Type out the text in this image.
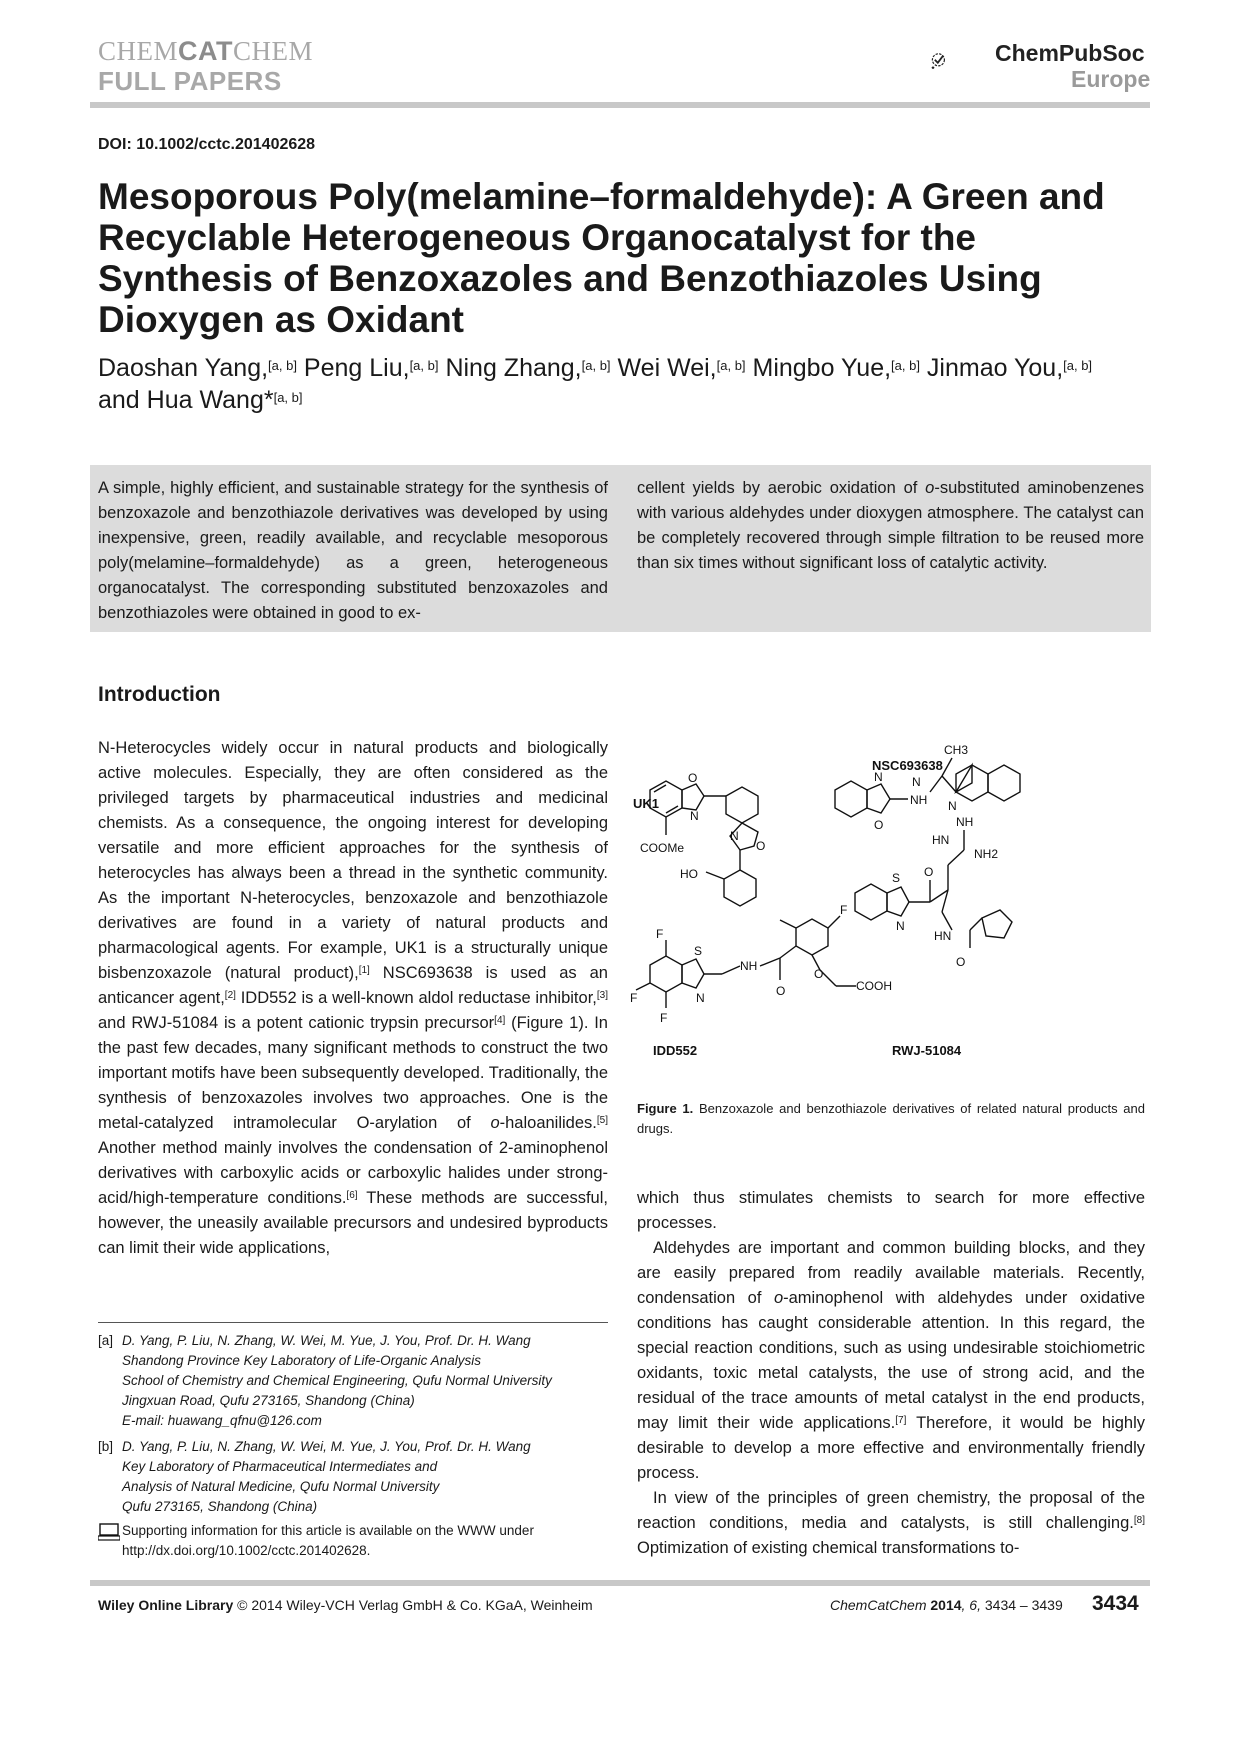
CHEMCATCHEM
FULL PAPERS
ChemPubSoc
Europe
DOI: 10.1002/cctc.201402628
Mesoporous Poly(melamine–formaldehyde): A Green and Recyclable Heterogeneous Organocatalyst for the Synthesis of Benzoxazoles and Benzothiazoles Using Dioxygen as Oxidant
Daoshan Yang,[a, b] Peng Liu,[a, b] Ning Zhang,[a, b] Wei Wei,[a, b] Mingbo Yue,[a, b] Jinmao You,[a, b]
and Hua Wang*[a, b]
A simple, highly efficient, and sustainable strategy for the synthesis of benzoxazole and benzothiazole derivatives was developed by using inexpensive, green, readily available, and recyclable mesoporous poly(melamine–formaldehyde) as a green, heterogeneous organocatalyst. The corresponding substituted benzoxazoles and benzothiazoles were obtained in good to ex-
cellent yields by aerobic oxidation of o-substituted aminobenzenes with various aldehydes under dioxygen atmosphere. The catalyst can be completely recovered through simple filtration to be reused more than six times without significant loss of catalytic activity.
Introduction
N-Heterocycles widely occur in natural products and biologically active molecules. Especially, they are often considered as the privileged targets by pharmaceutical industries and medicinal chemists. As a consequence, the ongoing interest for developing versatile and more efficient approaches for the synthesis of heterocycles has always been a thread in the synthetic community. As the important N-heterocycles, benzoxazole and benzothiazole derivatives are found in a variety of natural products and pharmacological agents. For example, UK1 is a structurally unique bisbenzoxazole (natural product),[1] NSC693638 is used as an anticancer agent,[2] IDD552 is a well-known aldol reductase inhibitor,[3] and RWJ-51084 is a potent cationic trypsin precursor[4] (Figure 1). In the past few decades, many significant methods to construct the two important motifs have been subsequently developed. Traditionally, the synthesis of benzoxazoles involves two approaches. One is the metal-catalyzed intramolecular O-arylation of o-haloanilides.[5] Another method mainly involves the condensation of 2-aminophenol derivatives with carboxylic acids or carboxylic halides under strong-acid/high-temperature conditions.[6] These methods are successful, however, the uneasily available precursors and undesired byproducts can limit their wide applications,
O
N
N
O
COOMe
HO
N
O
N
NH
CH3
N
F
F
F
S
N
NH
O
F
O
COOH
S
N
O
NH
HN
NH2
HN
O
UK1
NSC693638
IDD552	RWJ-51084
Figure 1. Benzoxazole and benzothiazole derivatives of related natural products and drugs.

which thus stimulates chemists to search for more effective processes.

Aldehydes are important and common building blocks, and they are easily prepared from readily available materials. Recently, condensation of o-aminophenol with aldehydes under oxidative conditions has caught considerable attention. In this regard, the special reaction conditions, such as using undesirable stoichiometric oxidants, toxic metal catalysts, the use of strong acid, and the residual of the trace amounts of metal catalyst in the end products, may limit their wide applications.[7] Therefore, it would be highly desirable to develop a more effective and environmentally friendly process.

In view of the principles of green chemistry, the proposal of the reaction conditions, media and catalysts, is still challenging.[8] Optimization of existing chemical transformations to-

[a] D. Yang, P. Liu, N. Zhang, W. Wei, M. Yue, J. You, Prof. Dr. H. Wang
Shandong Province Key Laboratory of Life-Organic Analysis
School of Chemistry and Chemical Engineering, Qufu Normal University
Jingxuan Road, Qufu 273165, Shandong (China)
E-mail: huawang_qfnu@126.com
[b] D. Yang, P. Liu, N. Zhang, W. Wei, M. Yue, J. You, Prof. Dr. H. Wang
Key Laboratory of Pharmaceutical Intermediates and
Analysis of Natural Medicine, Qufu Normal University
Qufu 273165, Shandong (China)
Supporting information for this article is available on the WWW under
http://dx.doi.org/10.1002/cctc.201402628.
Wiley Online Library © 2014 Wiley-VCH Verlag GmbH & Co. KGaA, Weinheim	ChemCatChem 2014, 6, 3434 – 3439 3434
